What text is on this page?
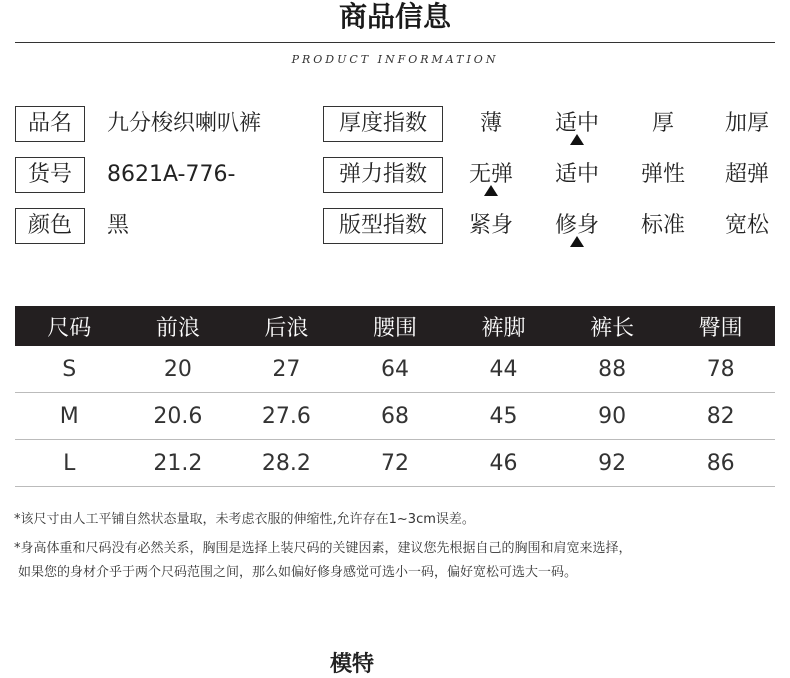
商品信息
PRODUCT INFORMATION
品名	九分梭织喇叭裤	厚度指数	薄	适中	厚	加厚
货号	8621A-776-	弹力指数	无弹	适中	弹性	超弹
颜色	黑	版型指数	紧身	修身	标准	宽松
尺码	前浪	后浪	腰围	裤脚	裤长	臀围
S	20	27	64	44	88	78
M	20.6	27.6	68	45	90	82
L	21.2	28.2	72	46	92	86
*该尺寸由人工平铺自然状态量取，未考虑衣服的伸缩性,允许存在1~3cm误差。
*身高体重和尺码没有必然关系，胸围是选择上装尺码的关键因素，建议您先根据自己的胸围和肩宽来选择，
如果您的身材介乎于两个尺码范围之间，那么如偏好修身感觉可选小一码，偏好宽松可选大一码。
模特
